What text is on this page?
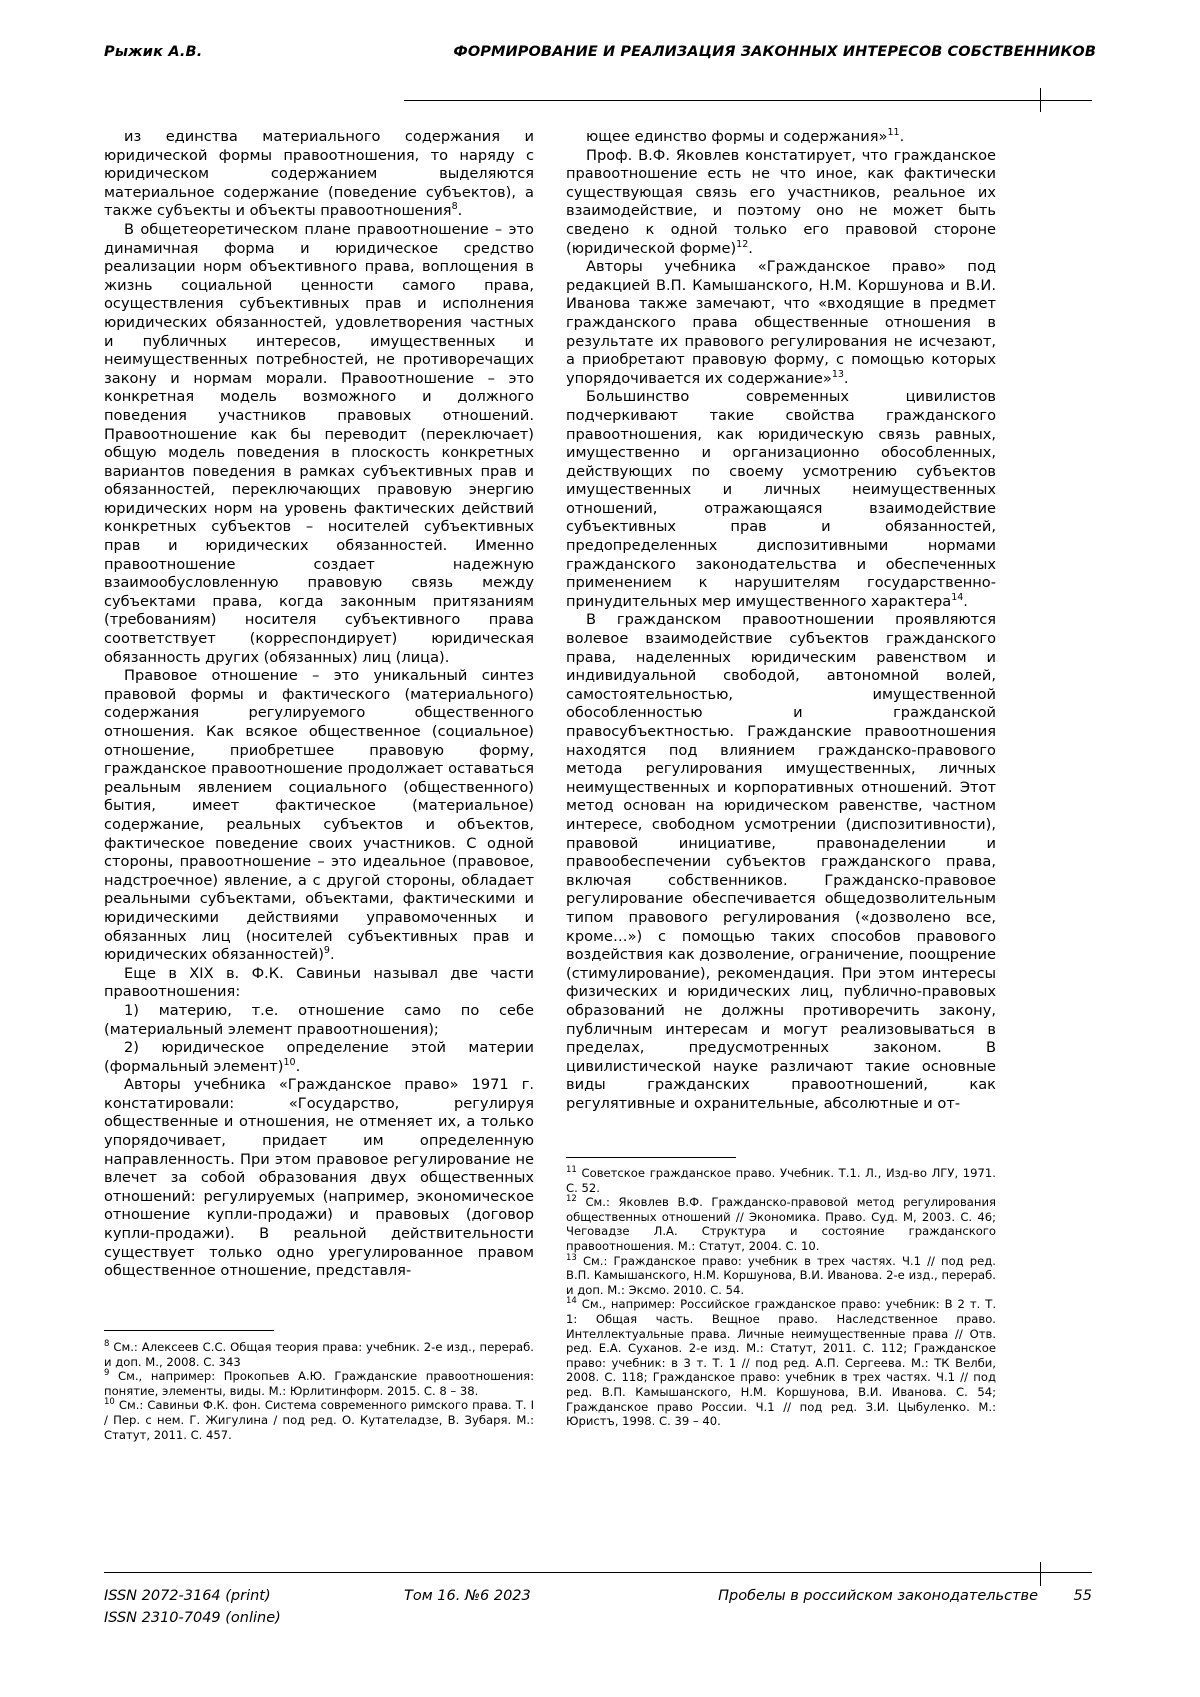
Рыжик А.В.	ФОРМИРОВАНИЕ И РЕАЛИЗАЦИЯ ЗАКОННЫХ ИНТЕРЕСОВ СОБСТВЕННИКОВ

из единства материального содержания и юридической формы правоотношения, то наряду с юридическом содержанием выделяются материальное содержание (поведение субъектов), а также субъекты и объекты правоотношения$^8$.

В общетеоретическом плане правоотношение – это динамичная форма и юридическое средство реализации норм объективного права, воплощения в жизнь социальной ценности самого права, осуществления субъективных прав и исполнения юридических обязанностей, удовлетворения частных и публичных интересов, имущественных и неимущественных потребностей, не противоречащих закону и нормам морали. Правоотношение – это конкретная модель возможного и должного поведения участников правовых отношений. Правоотношение как бы переводит (переключает) общую модель поведения в плоскость конкретных вариантов поведения в рамках субъективных прав и обязанностей, переключающих правовую энергию юридических норм на уровень фактических действий конкретных субъектов – носителей субъективных прав и юридических обязанностей. Именно правоотношение создает надежную взаимообусловленную правовую связь между субъектами права, когда законным притязаниям (требованиям) носителя субъективного права соответствует (корреспондирует) юридическая обязанность других (обязанных) лиц (лица).

Правовое отношение – это уникальный синтез правовой формы и фактического (материального) содержания регулируемого общественного отношения. Как всякое общественное (социальное) отношение, приобретшее правовую форму, гражданское правоотношение продолжает оставаться реальным явлением социального (общественного) бытия, имеет фактическое (материальное) содержание, реальных субъектов и объектов, фактическое поведение своих участников. С одной стороны, правоотношение – это идеальное (правовое, надстроечное) явление, а с другой стороны, обладает реальными субъектами, объектами, фактическими и юридическими действиями управомоченных и обязанных лиц (носителей субъективных прав и юридических обязанностей)$^9$.

Еще в XIX в. Ф.К. Савиньи называл две части правоотношения:

1) материю, т.е. отношение само по себе (материальный элемент правоотношения);

2) юридическое определение этой материи (формальный элемент)$^{10}$.

Авторы учебника «Гражданское право» 1971 г. констатировали: «Государство, регулируя общественные и отношения, не отменяет их, а только упорядочивает, придает им определенную направленность. При этом правовое регулирование не влечет за собой образования двух общественных отношений: регулируемых (например, экономическое отношение купли-продажи) и правовых (договор купли-продажи). В реальной действительности существует только одно урегулированное правом общественное отношение, представля-

ющее единство формы и содержания»$^{11}$.

Проф. В.Ф. Яковлев констатирует, что гражданское правоотношение есть не что иное, как фактически существующая связь его участников, реальное их взаимодействие, и поэтому оно не может быть сведено к одной только его правовой стороне (юридической форме)$^{12}$.

Авторы учебника «Гражданское право» под редакцией В.П. Камышанского, Н.М. Коршунова и В.И. Иванова также замечают, что «входящие в предмет гражданского права общественные отношения в результате их правового регулирования не исчезают, а приобретают правовую форму, с помощью которых упорядочивается их содержание»$^{13}$.

Большинство современных цивилистов подчеркивают такие свойства гражданского правоотношения, как юридическую связь равных, имущественно и организационно обособленных, действующих по своему усмотрению субъектов имущественных и личных неимущественных отношений, отражающаяся взаимодействие субъективных прав и обязанностей, предопределенных диспозитивными нормами гражданского законодательства и обеспеченных применением к нарушителям государственно-принудительных мер имущественного характера$^{14}$.

В гражданском правоотношении проявляются волевое взаимодействие субъектов гражданского права, наделенных юридическим равенством и индивидуальной свободой, автономной волей, самостоятельностью, имущественной обособленностью и гражданской правосубъектностью. Гражданские правоотношения находятся под влиянием гражданско-правового метода регулирования имущественных, личных неимущественных и корпоративных отношений. Этот метод основан на юридическом равенстве, частном интересе, свободном усмотрении (диспозитивности), правовой инициативе, правонаделении и правообеспечении субъектов гражданского права, включая собственников. Гражданско-правовое регулирование обеспечивается общедозволительным типом правового регулирования («дозволено все, кроме…») с помощью таких способов правового воздействия как дозволение, ограничение, поощрение (стимулирование), рекомендация. При этом интересы физических и юридических лиц, публично-правовых образований не должны противоречить закону, публичным интересам и могут реализовываться в пределах, предусмотренных законом. В цивилистической науке различают такие основные виды гражданских правоотношений, как регулятивные и охранительные, абсолютные и от-

$^8$ См.: Алексеев С.С. Общая теория права: учебник. 2-е изд., перераб. и доп. М., 2008. С. 343

$^9$ См., например: Прокопьев А.Ю. Гражданские правоотношения: понятие, элементы, виды. М.: Юрлитинформ. 2015. С. 8 – 38.

$^{10}$ См.: Савиньи Ф.К. фон. Система современного римского права. Т. I / Пер. с нем. Г. Жигулина / под ред. О. Кутателадзе, В. Зубаря. М.: Статут, 2011. С. 457.

$^{11}$ Советское гражданское право. Учебник. Т.1. Л., Изд-во ЛГУ, 1971. С. 52.

$^{12}$ См.: Яковлев В.Ф. Гражданско-правовой метод регулирования общественных отношений // Экономика. Право. Суд. М, 2003. С. 46; Чеговадзе Л.А. Структура и состояние гражданского правоотношения. М.: Статут, 2004. С. 10.

$^{13}$ См.: Гражданское право: учебник в трех частях. Ч.1 // под ред. В.П. Камышанского, Н.М. Коршунова, В.И. Иванова. 2-е изд., перераб. и доп. М.: Эксмо. 2010. С. 54.

$^{14}$ См., например: Российское гражданское право: учебник: В 2 т. Т. 1: Общая часть. Вещное право. Наследственное право. Интеллектуальные права. Личные неимущественные права // Отв. ред. Е.А. Суханов. 2-е изд. М.: Статут, 2011. С. 112; Гражданское право: учебник: в 3 т. Т. 1 // под ред. А.П. Сергеева. М.: ТК Велби, 2008. С. 118; Гражданское право: учебник в трех частях. Ч.1 // под ред. В.П. Камышанского, Н.М. Коршунова, В.И. Иванова. С. 54; Гражданское право России. Ч.1 // под ред. З.И. Цыбуленко. М.: Юристъ, 1998. С. 39 – 40.

ISSN 2072-3164 (print)	Том 16. №6 2023	Пробелы в российском законодательстве	55
ISSN 2310-7049 (online)
